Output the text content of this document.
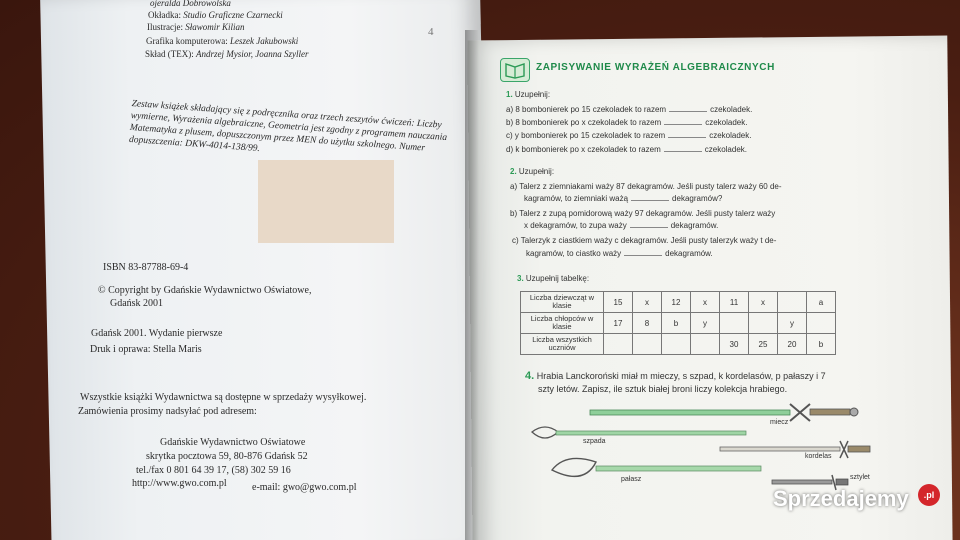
ojeralda Dobrowolska
Okładka: Studio Graficzne Czarnecki
Ilustracje: Sławomir Kilian
Grafika komputerowa: Leszek Jakubowski
Skład (TEX): Andrzej Mysior, Joanna Szyller
4
Zestaw książek składający się z podręcznika oraz trzech zeszytów ćwiczeń: Liczby wymierne, Wyrażenia algebraiczne, Geometria jest zgodny z programem nauczania Matematyka z plusem, dopuszczonym przez MEN do użytku szkolnego. Numer dopuszczenia: DKW-4014-138/99.
ISBN 83-87788-69-4
© Copyright by Gdańskie Wydawnictwo Oświatowe,
Gdańsk 2001
Gdańsk 2001. Wydanie pierwsze
Druk i oprawa: Stella Maris
Wszystkie książki Wydawnictwa są dostępne w sprzedaży wysyłkowej.
Zamówienia prosimy nadsyłać pod adresem:
Gdańskie Wydawnictwo Oświatowe
skrytka pocztowa 59, 80-876 Gdańsk 52
tel./fax 0 801 64 39 17, (58) 302 59 16
http://www.gwo.com.pl	e-mail: gwo@gwo.com.pl
ZAPISYWANIE WYRAŻEŃ ALGEBRAICZNYCH
1. Uzupełnij:
a) 8 bombonierek po 15 czekoladek to razem	czekoladek.
b) 8 bombonierek po x czekoladek to razem	czekoladek.
c) y bombonierek po 15 czekoladek to razem	czekoladek.
d) k bombonierek po x czekoladek to razem	czekoladek.
2. Uzupełnij:
a) Talerz z ziemniakami waży 87 dekagramów. Jeśli pusty talerz waży 60 de-
kagramów, to ziemniaki ważą	dekagramów?
b) Talerz z zupą pomidorową waży 97 dekagramów. Jeśli pusty talerz waży
x dekagramów, to zupa waży	dekagramów.
c) Talerzyk z ciastkiem waży c dekagramów. Jeśli pusty talerzyk waży t de-
kagramów, to ciastko waży	dekagramów.
3. Uzupełnij tabelkę:
Liczba dziewcząt w klasie	15	x	12	x	11	x		a
Liczba chłopców w klasie	17	8	b	y			y	
Liczba wszystkich uczniów					30	25	20	b
4. Hrabia Lanckoroński miał m mieczy, s szpad, k kordelasów, p pałaszy i 7
szty letów. Zapisz, ile sztuk białej broni liczy kolekcja hrabiego.
miecz
szpada
kordelas
pałasz	sztylet
Sprzedajemy	.pl
